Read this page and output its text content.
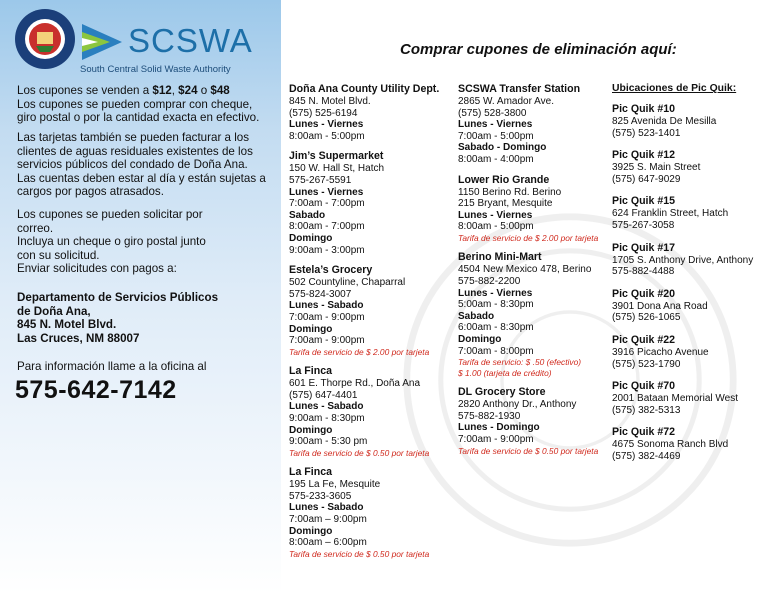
SCSWA
South Central Solid Waste Authority
Los cupones se venden a $12, $24 o $48
Los cupones se pueden comprar con cheque,
giro postal o por la cantidad exacta en efectivo.
Las tarjetas también se pueden facturar a los
clientes de aguas residuales existentes de los
servicios públicos del condado de Doña Ana.
Las cuentas deben estar al día y están sujetas a
cargos por pagos atrasados.
Los cupones se pueden solicitar por
correo.
Incluya un cheque o giro postal junto
con su solicitud.
Enviar solicitudes con pagos a:
Departamento de Servicios Públicos
de Doña Ana,
845 N. Motel Blvd.
Las Cruces, NM 88007
Para información llame a la oficina al
575-642-7142
Comprar cupones de eliminación aquí:
Doña Ana County Utility Dept.
845 N. Motel Blvd.
(575) 525-6194
Lunes - Viernes
8:00am - 5:00pm
Jim’s Supermarket
150 W. Hall St, Hatch
575-267-5591
Lunes - Viernes
7:00am - 7:00pm
Sabado
8:00am - 7:00pm
Domingo
9:00am - 3:00pm
Estela’s Grocery
502 Countyline, Chaparral
575-824-3007
Lunes - Sabado
7:00am - 9:00pm
Domingo
7:00am - 9:00pm
Tarifa de servicio de $ 2.00 por tarjeta
La Finca
601 E. Thorpe Rd., Doña Ana
(575) 647-4401
Lunes - Sabado
9:00am - 8:30pm
Domingo
9:00am - 5:30 pm
Tarifa de servicio de $ 0.50 por tarjeta
La Finca
195 La Fe, Mesquite
575-233-3605
Lunes - Sabado
7:00am – 9:00pm
Domingo
8:00am – 6:00pm
Tarifa de servicio de $ 0.50 por tarjeta
SCSWA Transfer Station
2865 W. Amador Ave.
(575) 528-3800
Lunes - Viernes
7:00am - 5:00pm
Sabado - Domingo
8:00am - 4:00pm
Lower Rio Grande
1150 Berino Rd. Berino
215 Bryant, Mesquite
Lunes - Viernes
8:00am - 5:00pm
Tarifa de servicio de $ 2.00 por tarjeta
Berino Mini-Mart
4504 New Mexico 478, Berino
575-882-2200
Lunes - Viernes
5:00am - 8:30pm
Sabado
6:00am - 8:30pm
Domingo
7:00am - 8:00pm
Tarifa de servicio: $ .50 (efectivo)
$ 1.00 (tarjeta de crédito)
DL Grocery Store
2820 Anthony Dr., Anthony
575-882-1930
Lunes - Domingo
7:00am - 9:00pm
Tarifa de servicio de $ 0.50 por tarjeta
Ubicaciones de Pic Quik:
Pic Quik #10
825 Avenida De Mesilla
(575) 523-1401
Pic Quik #12
3925 S. Main Street
(575) 647-9029
Pic Quik #15
624 Franklin Street, Hatch
575-267-3058
Pic Quik #17
1705 S. Anthony Drive, Anthony
575-882-4488
Pic Quik #20
3901 Dona Ana Road
(575) 526-1065
Pic Quik #22
3916 Picacho Avenue
(575) 523-1790
Pic Quik #70
2001 Bataan Memorial West
(575) 382-5313
Pic Quik #72
4675 Sonoma Ranch Blvd
(575) 382-4469
